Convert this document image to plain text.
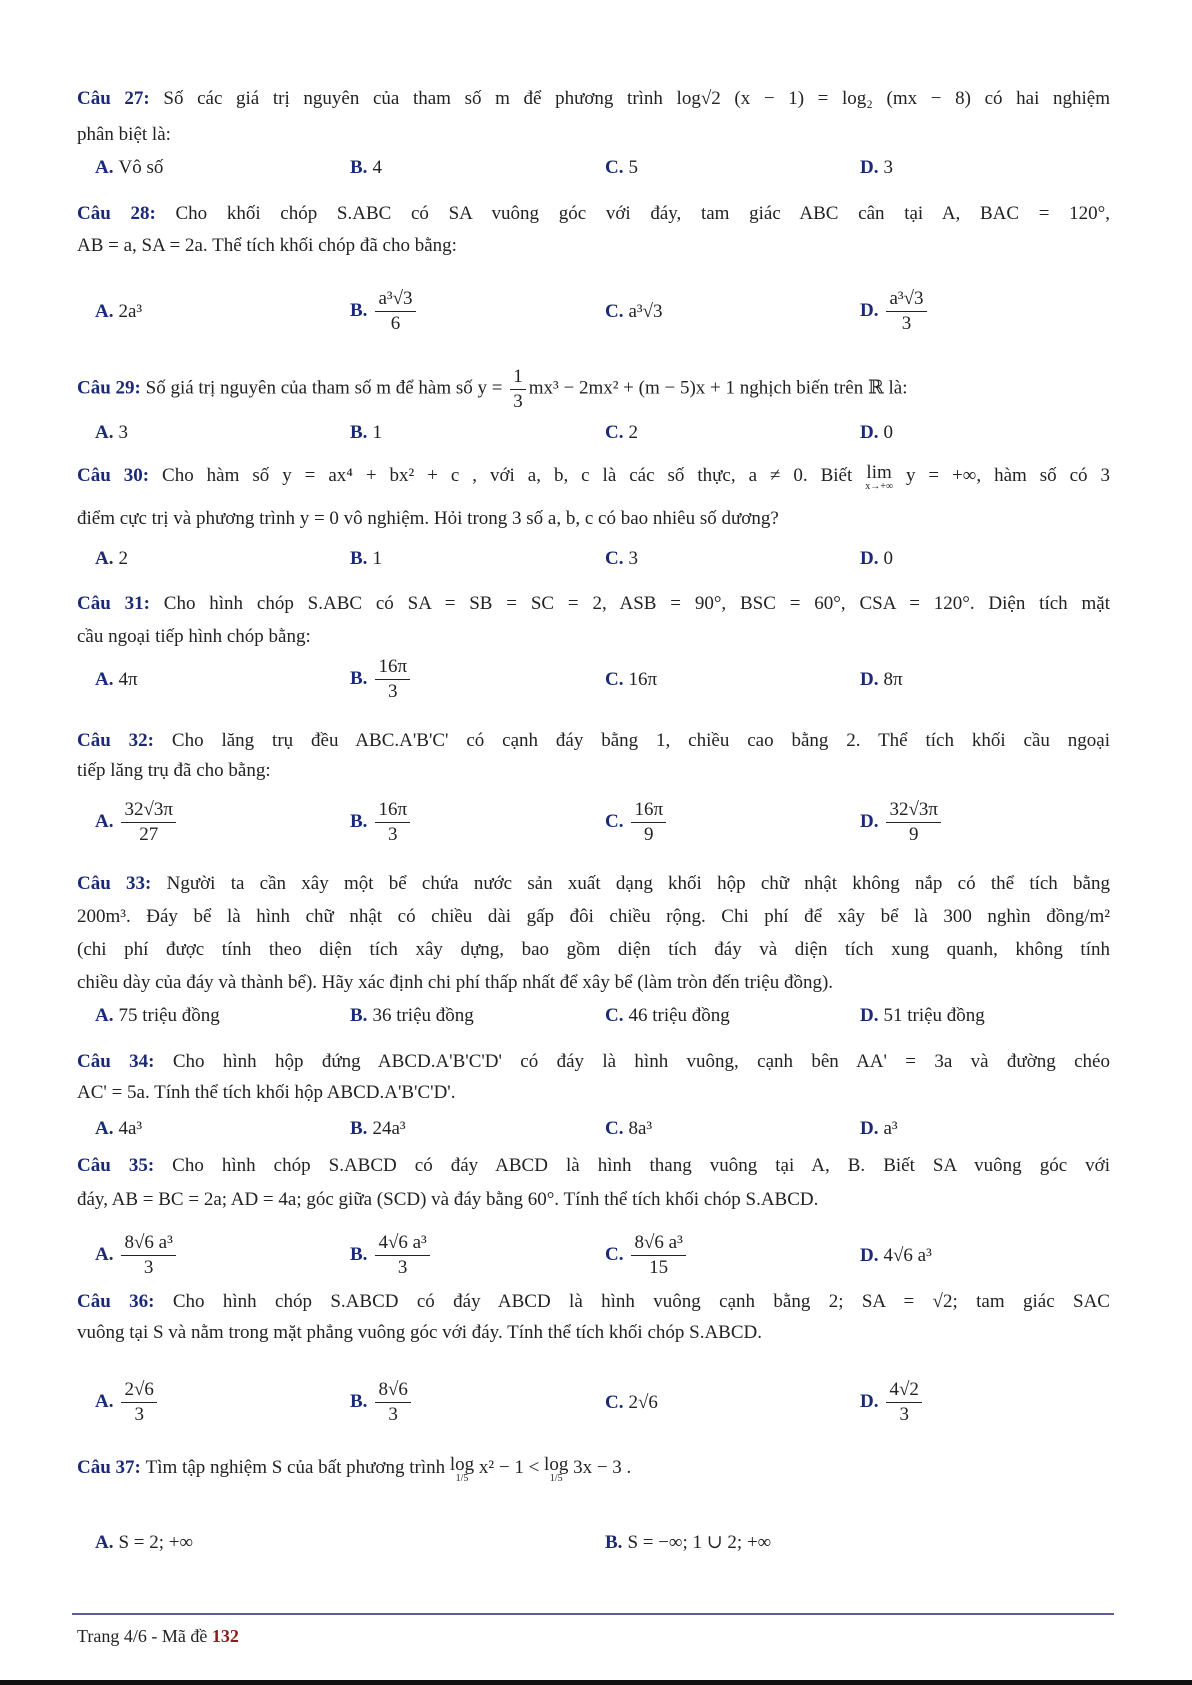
Câu 27: Số các giá trị nguyên của tham số m để phương trình log√2 (x − 1) = log₂ (mx − 8) có hai nghiệm
phân biệt là:
A. Vô số	B. 4	C. 5	D. 3
Câu 28: Cho khối chóp S.ABC có SA vuông góc với đáy, tam giác ABC cân tại A, BAC = 120°,
AB = a, SA = 2a. Thể tích khối chóp đã cho bằng:
A. 2a³	B. $\frac{\text{a³√3}}{6}$	C. a³√3	D. $\frac{\text{a³√3}}{3}$
Câu 29: Số giá trị nguyên của tham số m để hàm số $y = \frac{1}{3} mx^3 - 2mx^2 + (m - 5)x + 1$ nghịch biến trên ℝ là:
A. 3	B. 1	C. 2	D. 0
Câu 30: Cho hàm số y = ax⁴ + bx² + c , với a, b, c là các số thực, a ≠ 0. Biết lim
x→+∞
y = +∞, hàm số có 3
điểm cực trị và phương trình y = 0 vô nghiệm. Hỏi trong 3 số a, b, c có bao nhiêu số dương?
A. 2	B. 1	C. 3	D. 0
Câu 31: Cho hình chóp S.ABC có SA = SB = SC = 2, ASB = 90°, BSC = 60°, CSA = 120°. Diện tích mặt
cầu ngoại tiếp hình chóp bằng:
A. 4π	B. $\frac{16\pi}{3}$	C. 16π	D. 8π
Câu 32: Cho lăng trụ đều ABC.A'B'C' có cạnh đáy bằng 1, chiều cao bằng 2. Thể tích khối cầu ngoại
tiếp lăng trụ đã cho bằng:
A. $\frac{32√3\pi}{27}$	B. $\frac{16\pi}{3}$	C. $\frac{16\pi}{9}$	D. $\frac{32√3\pi}{9}$
Câu 33: Người ta cần xây một bể chứa nước sản xuất dạng khối hộp chữ nhật không nắp có thể tích bằng
200m³. Đáy bể là hình chữ nhật có chiều dài gấp đôi chiều rộng. Chi phí để xây bể là 300 nghìn đồng/m²
(chi phí được tính theo diện tích xây dựng, bao gồm diện tích đáy và diện tích xung quanh, không tính
chiều dày của đáy và thành bể). Hãy xác định chi phí thấp nhất để xây bể (làm tròn đến triệu đồng).
A. 75 triệu đồng	B. 36 triệu đồng	C. 46 triệu đồng	D. 51 triệu đồng
Câu 34: Cho hình hộp đứng ABCD.A'B'C'D' có đáy là hình vuông, cạnh bên AA' = 3a và đường chéo
AC' = 5a. Tính thể tích khối hộp ABCD.A'B'C'D'.
A. 4a³	B. 24a³	C. 8a³	D. a³
Câu 35: Cho hình chóp S.ABCD có đáy ABCD là hình thang vuông tại A, B. Biết SA vuông góc với
đáy, AB = BC = 2a; AD = 4a; góc giữa (SCD) và đáy bằng 60°. Tính thể tích khối chóp S.ABCD.
A. $\frac{\text{8√6 a³}}{3}$	B. $\frac{\text{4√6 a³}}{3}$	C. $\frac{\text{8√6 a³}}{15}$	D. 4√6 a³
Câu 36: Cho hình chóp S.ABCD có đáy ABCD là hình vuông cạnh bằng 2; SA = √2; tam giác SAC
vuông tại S và nằm trong mặt phẳng vuông góc với đáy. Tính thể tích khối chóp S.ABCD.
A. $\frac{2√6}{3}$	B. $\frac{8√6}{3}$	C. 2√6	D. $\frac{4√2}{3}$
Câu 37: Tìm tập nghiệm S của bất phương trình log
1/5
x² − 1 < log
1/5
3x − 3 .
A. S = 2; +∞	B. S = −∞; 1 ∪ 2; +∞
Trang 4/6 - Mã đề 132
